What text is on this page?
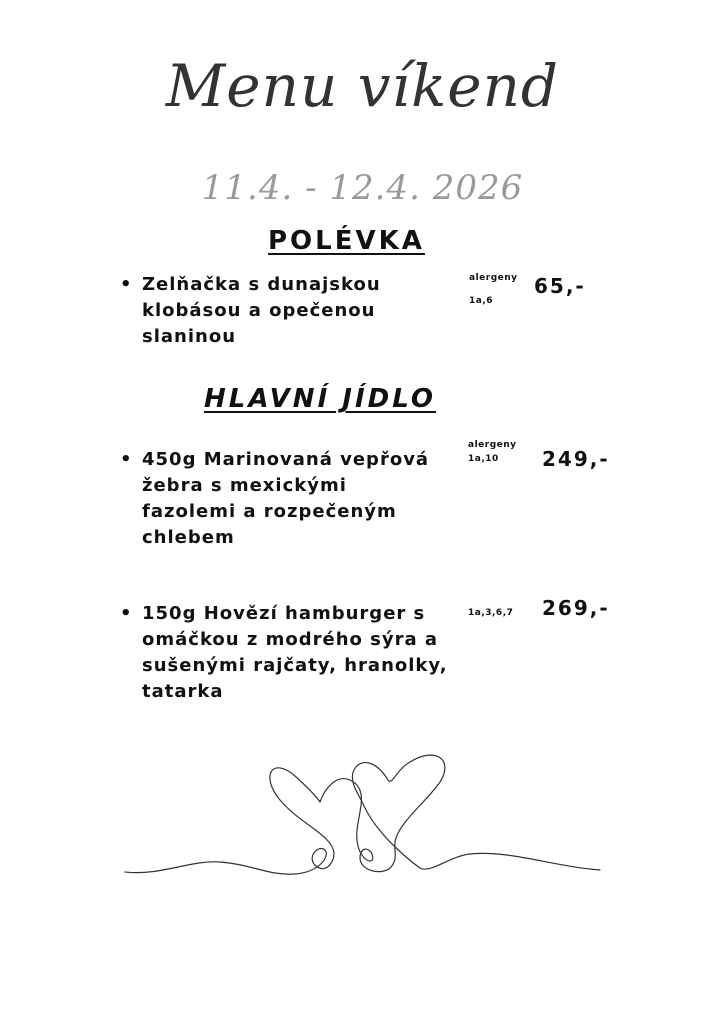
Menu víkend
11.4. - 12.4. 2026
POLÉVKA
• Zelňačka s dunajskou klobásou a opečenou slaninou
alergeny
1a,6
65,-
HLAVNÍ JÍDLO
alergeny
1a,10 249,-
• 450g Marinovaná vepřová žebra s mexickými fazolemi a rozpečeným chlebem
• 150g Hovězí hamburger s omáčkou z modrého sýra a sušenými rajčaty, hranolky, tatarka
1a,3,6,7 269,-
